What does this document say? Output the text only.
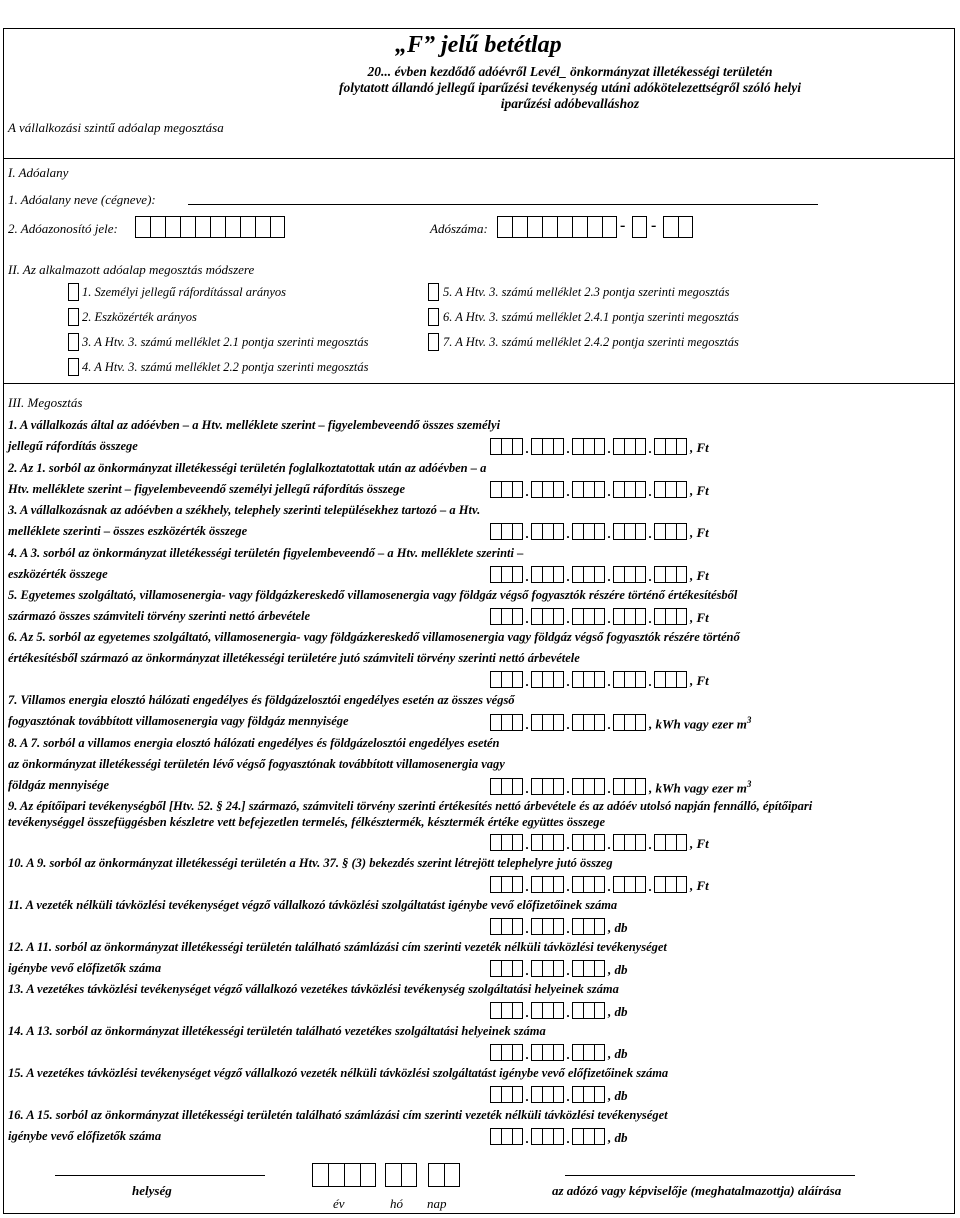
„F” jelű betétlap
20... évben kezdődő adóévről Levél_ önkormányzat illetékességi területén
folytatott állandó jellegű iparűzési tevékenység utáni adókötelezettségről szóló helyi
iparűzési adóbevalláshoz
A vállalkozási szintű adóalap megosztása
I. Adóalany
1. Adóalany neve (cégneve):
2. Adóazonosító jele:	Adószáma:	- -
II. Az alkalmazott adóalap megosztás módszere
1. Személyi jellegű ráfordítással arányos
2. Eszközérték arányos
3. A Htv. 3. számú melléklet 2.1 pontja szerinti megosztás
4. A Htv. 3. számú melléklet 2.2 pontja szerinti megosztás
5. A Htv. 3. számú melléklet 2.3 pontja szerinti megosztás
6. A Htv. 3. számú melléklet 2.4.1 pontja szerinti megosztás
7. A Htv. 3. számú melléklet 2.4.2 pontja szerinti megosztás
III. Megosztás
1. A vállalkozás által az adóévben – a Htv. melléklete szerint – figyelembeveendő összes személyi
jellegű ráfordítás összege	.	.	.	.	, Ft
2. Az 1. sorból az önkormányzat illetékességi területén foglalkoztatottak után az adóévben – a
Htv. melléklete szerint – figyelembeveendő személyi jellegű ráfordítás összege	.	.	.	.	, Ft
3. A vállalkozásnak az adóévben a székhely, telephely szerinti településekhez tartozó – a Htv.
melléklete szerinti – összes eszközérték összege	.	.	.	.	, Ft
4. A 3. sorból az önkormányzat illetékességi területén figyelembeveendő – a Htv. melléklete szerinti –
eszközérték összege	.	.	.	.	, Ft
5. Egyetemes szolgáltató, villamosenergia- vagy földgázkereskedő villamosenergia vagy földgáz végső fogyasztók részére történő értékesítésből
származó összes számviteli törvény szerinti nettó árbevétele	.	.	.	.	, Ft
6. Az 5. sorból az egyetemes szolgáltató, villamosenergia- vagy földgázkereskedő villamosenergia vagy földgáz végső fogyasztók részére történő
értékesítésből származó az önkormányzat illetékességi területére jutó számviteli törvény szerinti nettó árbevétele
.	.	.	.	, Ft
7. Villamos energia elosztó hálózati engedélyes és földgázelosztói engedélyes esetén az összes végső
fogyasztónak továbbított villamosenergia vagy földgáz mennyisége	.	.	.	, kWh vagy ezer $m^3$
8. A 7. sorból a villamos energia elosztó hálózati engedélyes és földgázelosztói engedélyes esetén
az önkormányzat illetékességi területén lévő végső fogyasztónak továbbított villamosenergia vagy
földgáz mennyisége	.	.	.	, kWh vagy ezer $m^3$
9. Az építőipari tevékenységből [Htv. 52. § 24.] származó, számviteli törvény szerinti értékesítés nettó árbevétele és az adóév utolsó napján fennálló, építőipari
tevékenységgel összefüggésben készletre vett befejezetlen termelés, félkésztermék, késztermék értéke együttes összege
.	.	.	.	, Ft
10. A 9. sorból az önkormányzat illetékességi területén a Htv. 37. § (3) bekezdés szerint létrejött telephelyre jutó összeg
.	.	.	.	, Ft
11. A vezeték nélküli távközlési tevékenységet végző vállalkozó távközlési szolgáltatást igénybe vevő előfizetőinek száma
.	.	, db
12. A 11. sorból az önkormányzat illetékességi területén található számlázási cím szerinti vezeték nélküli távközlési tevékenységet
igénybe vevő előfizetők száma	.	.	, db
13. A vezetékes távközlési tevékenységet végző vállalkozó vezetékes távközlési tevékenység szolgáltatási helyeinek száma
.	.	, db
14. A 13. sorból az önkormányzat illetékességi területén található vezetékes szolgáltatási helyeinek száma
.	.	, db
15. A vezetékes távközlési tevékenységet végző vállalkozó vezeték nélküli távközlési szolgáltatást igénybe vevő előfizetőinek száma
.	.	, db
16. A 15. sorból az önkormányzat illetékességi területén található számlázási cím szerinti vezeték nélküli távközlési tevékenységet
igénybe vevő előfizetők száma	.	.	, db
helység
év	hó nap
az adózó vagy képviselője (meghatalmazottja) aláírása
